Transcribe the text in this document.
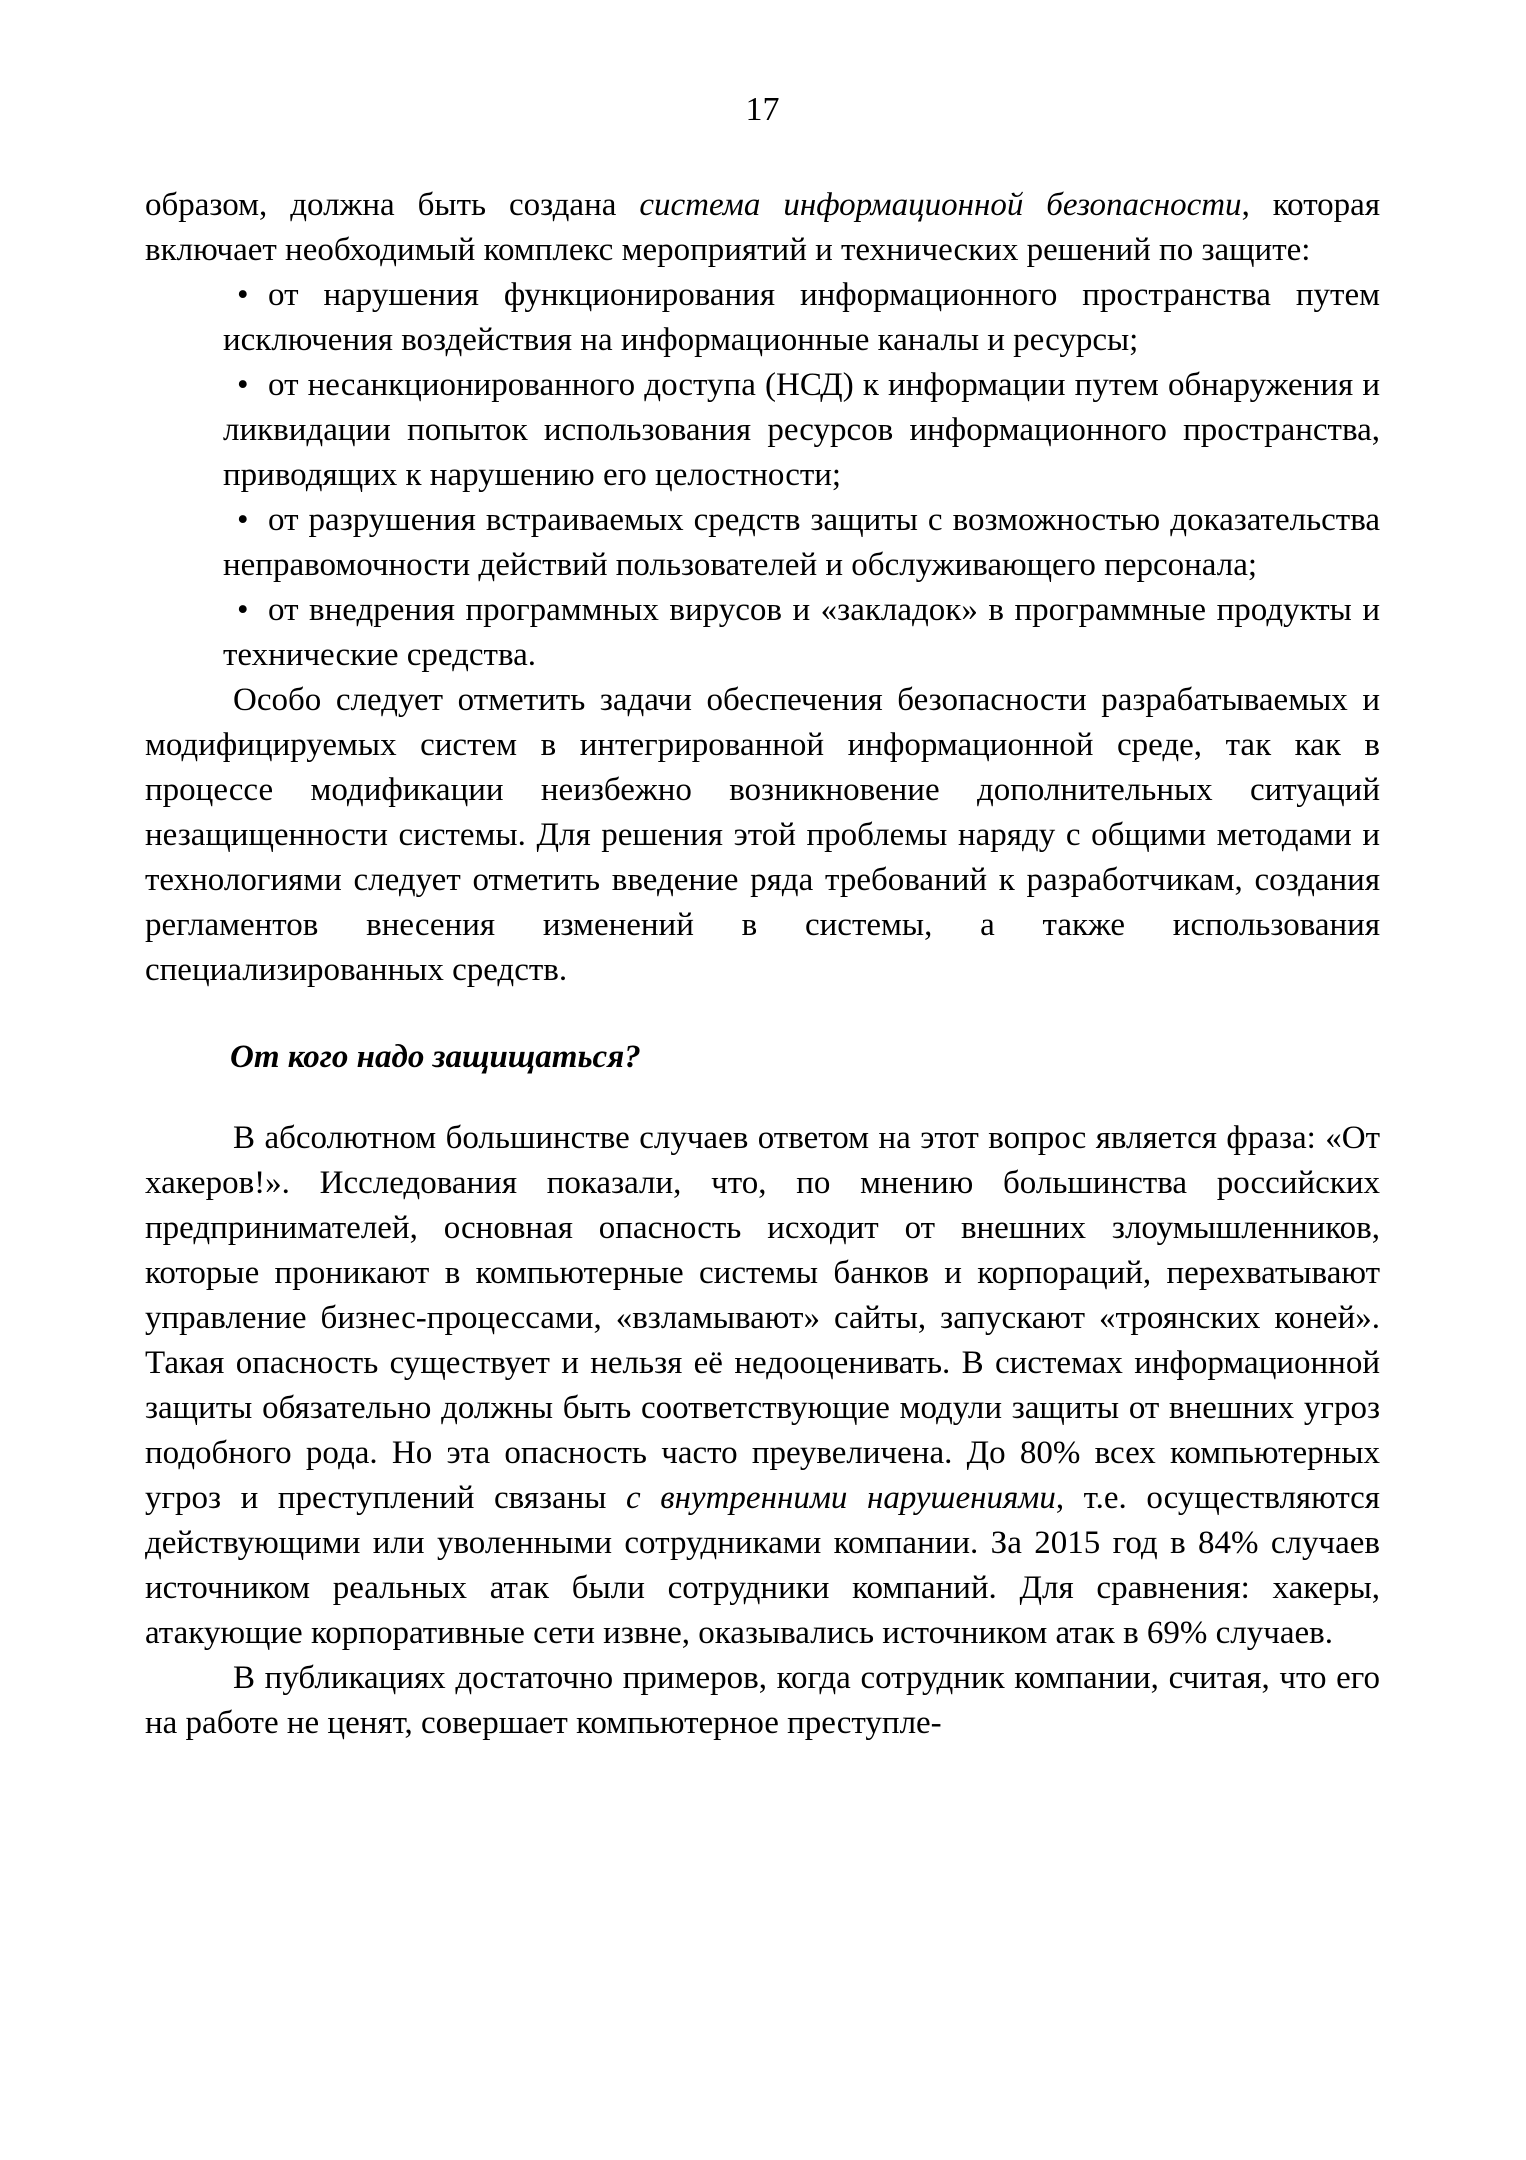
17

образом, должна быть создана система информационной безопасности, которая включает необходимый комплекс мероприятий и технических решений по защите:

• от нарушения функционирования информационного пространства путем исключения воздействия на информационные каналы и ресурсы;
• от несанкционированного доступа (НСД) к информации путем обнаружения и ликвидации попыток использования ресурсов информационного пространства, приводящих к нарушению его целостности;
• от разрушения встраиваемых средств защиты с возможностью доказательства неправомочности действий пользователей и обслуживающего персонала;
• от внедрения программных вирусов и «закладок» в программные продукты и технические средства.

Особо следует отметить задачи обеспечения безопасности разрабатываемых и модифицируемых систем в интегрированной информационной среде, так как в процессе модификации неизбежно возникновение дополнительных ситуаций незащищенности системы. Для решения этой проблемы наряду с общими методами и технологиями следует отметить введение ряда требований к разработчикам, создания регламентов внесения изменений в системы, а также использования специализированных средств.

От кого надо защищаться?

В абсолютном большинстве случаев ответом на этот вопрос является фраза: «От хакеров!». Исследования показали, что, по мнению большинства российских предпринимателей, основная опасность исходит от внешних злоумышленников, которые проникают в компьютерные системы банков и корпораций, перехватывают управление бизнес-процессами, «взламывают» сайты, запускают «троянских коней». Такая опасность существует и нельзя её недооценивать. В системах информационной защиты обязательно должны быть соответствующие модули защиты от внешних угроз подобного рода. Но эта опасность часто преувеличена. До 80% всех компьютерных угроз и преступлений связаны с внутренними нарушениями, т.е. осуществляются действующими или уволенными сотрудниками компании. За 2015 год в 84% случаев источником реальных атак были сотрудники компаний. Для сравнения: хакеры, атакующие корпоративные сети извне, оказывались источником атак в 69% случаев.

В публикациях достаточно примеров, когда сотрудник компании, считая, что его на работе не ценят, совершает компьютерное преступле-
